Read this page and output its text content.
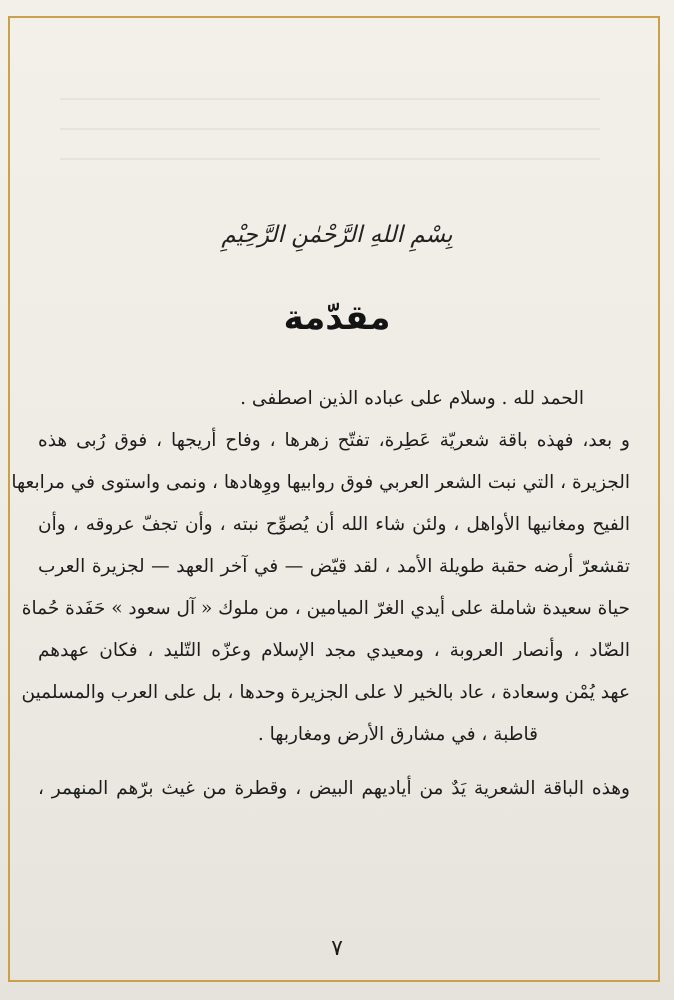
بِسْمِ اللهِ الرَّحْمٰنِ الرَّحِيْمِ
مقدّمة
الحمد لله . وسلام على عباده الذين اصطفى .
و بعد، فهذه باقة شعريّة عَطِرة، تفتّح زهرها ، وفاح أريجها ، فوق رُبى هذه
الجزيرة ، التي نبت الشعر العربي فوق روابيها ووِهادها ، ونمى واستوى في مرابعها
الفيح ومغانيها الأواهل ، ولئن شاء الله أن يُصوِّح نبته ، وأن تجفّ عروقه ، وأن
تقشعرّ أرضه حقبة طويلة الأمد ، لقد قيّض — في آخر العهد — لجزيرة العرب
حياة سعيدة شاملة على أيدي الغرّ الميامين ، من ملوك « آل سعود » حَفَدة حُماة
الضّاد ، وأنصار العروبة ، ومعيدي مجد الإسلام وعزّه التّليد ، فكان عهدهم
عهد يُمْن وسعادة ، عاد بالخير لا على الجزيرة وحدها ، بل على العرب والمسلمين
قاطبة ، في مشارق الأرض ومغاربها .
وهذه الباقة الشعرية يَدٌ من أياديهم البيض ، وقطرة من غيث برّهم المنهمر ،
٧
